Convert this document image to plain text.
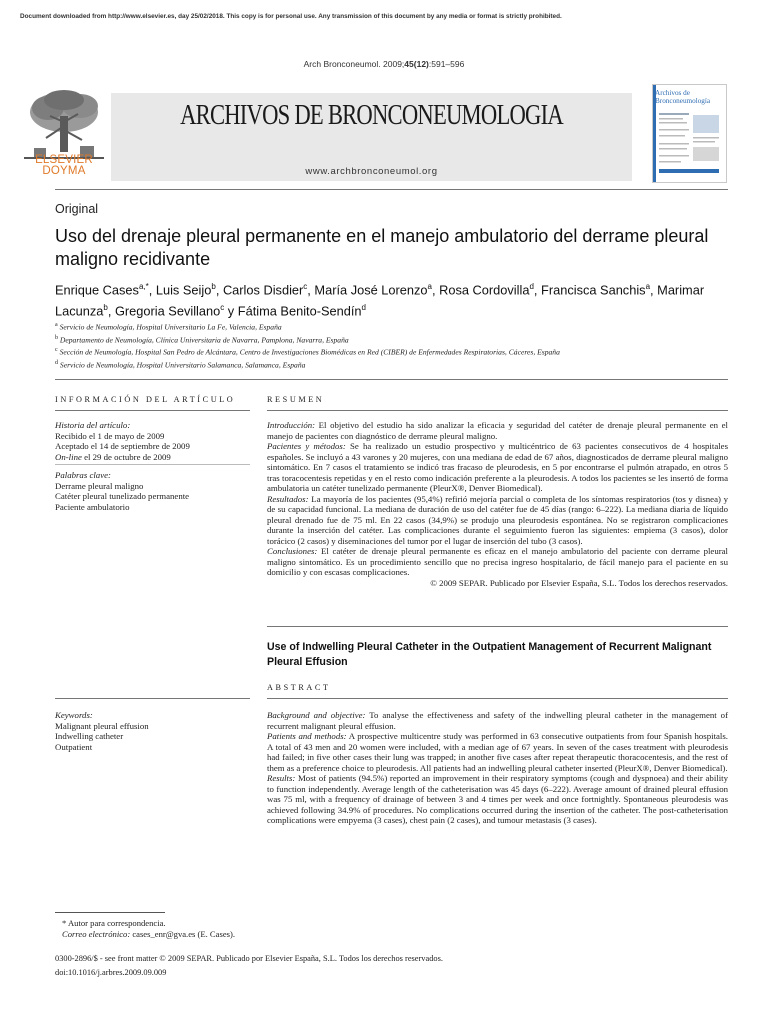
Document downloaded from http://www.elsevier.es, day 25/02/2018. This copy is for personal use. Any transmission of this document by any media or format is strictly prohibited.
Arch Bronconeumol. 2009;45(12):591–596
ELSEVIER
DOYMA
ARCHIVOS DE BRONCONEUMOLOGIA
www.archbronconeumol.org
Archivos de
Bronconeumología
Original
Uso del drenaje pleural permanente en el manejo ambulatorio del derrame pleural maligno recidivante
Enrique Cases$^{a,*}$, Luis Seijo$^b$, Carlos Disdier$^c$, María José Lorenzo$^a$, Rosa Cordovilla$^d$, Francisca Sanchis$^a$, Marimar Lacunza$^b$, Gregoria Sevillano$^c$ y Fátima Benito-Sendín$^d$
$^a$ Servicio de Neumología, Hospital Universitario La Fe, Valencia, España
$^b$ Departamento de Neumología, Clínica Universitaria de Navarra, Pamplona, Navarra, España
$^c$ Sección de Neumología, Hospital San Pedro de Alcántara, Centro de Investigaciones Biomédicas en Red (CIBER) de Enfermedades Respiratorias, Cáceres, España
$^d$ Servicio de Neumología, Hospital Universitario Salamanca, Salamanca, España
INFORMACIÓN DEL ARTÍCULO
Historia del artículo:
Recibido el 1 de mayo de 2009
Aceptado el 14 de septiembre de 2009
On-line el 29 de octubre de 2009
Palabras clave:
Derrame pleural maligno
Catéter pleural tunelizado permanente
Paciente ambulatorio
RESUMEN

Introducción: El objetivo del estudio ha sido analizar la eficacia y seguridad del catéter de drenaje pleural permanente en el manejo de pacientes con diagnóstico de derrame pleural maligno.

Pacientes y métodos: Se ha realizado un estudio prospectivo y multicéntrico de 63 pacientes consecutivos de 4 hospitales españoles. Se incluyó a 43 varones y 20 mujeres, con una mediana de edad de 67 años, diagnosticados de derrame pleural maligno sintomático. En 7 casos el tratamiento se indicó tras fracaso de pleurodesis, en 5 por encontrarse el pulmón atrapado, en otros 5 tras toracocentesis repetidas y en el resto como indicación preferente a la pleurodesis. A todos los pacientes se les insertó de forma ambulatoria un catéter tunelizado permanente (PleurX®, Denver Biomedical).

Resultados: La mayoría de los pacientes (95,4%) refirió mejoría parcial o completa de los síntomas respiratorios (tos y disnea) y de su capacidad funcional. La mediana de duración de uso del catéter fue de 45 días (rango: 6–222). La mediana diaria de líquido pleural drenado fue de 75 ml. En 22 casos (34,9%) se produjo una pleurodesis espontánea. No se registraron complicaciones durante la inserción del catéter. Las complicaciones durante el seguimiento fueron las siguientes: empiema (3 casos), dolor torácico (2 casos) y diseminaciones del tumor por el lugar de inserción del tubo (3 casos).

Conclusiones: El catéter de drenaje pleural permanente es eficaz en el manejo ambulatorio del paciente con derrame pleural maligno sintomático. Es un procedimiento sencillo que no precisa ingreso hospitalario, de fácil manejo para el paciente en su domicilio y con escasas complicaciones.

© 2009 SEPAR. Publicado por Elsevier España, S.L. Todos los derechos reservados.

Use of Indwelling Pleural Catheter in the Outpatient Management of Recurrent Malignant Pleural Effusion
ABSTRACT
Keywords:
Malignant pleural effusion
Indwelling catheter
Outpatient

Background and objective: To analyse the effectiveness and safety of the indwelling pleural catheter in the management of recurrent malignant pleural effusion.

Patients and methods: A prospective multicentre study was performed in 63 consecutive outpatients from four Spanish hospitals. A total of 43 men and 20 women were included, with a median age of 67 years. In seven of the cases treatment with pleurodesis had failed; in five other cases their lung was trapped; in another five cases after repeat therapeutic thoracocentesis, and the rest of them as a preference choice to pleurodesis. All patients had an indwelling pleural catheter inserted (PleurX®, Denver Biomedical).

Results: Most of patients (94.5%) reported an improvement in their respiratory symptoms (cough and dyspnoea) and their ability to function independently. Average length of the catheterisation was 45 days (6–222). Average amount of drained pleural effusion was 75 ml, with a frequency of drainage of between 3 and 4 times per week and once fortnightly. Spontaneous pleurodesis was achieved following 34.9% of procedures. No complications occurred during the insertion of the catheter. The post-catheterisation complications were empyema (3 cases), chest pain (2 cases), and tumour metastasis (3 cases).

* Autor para correspondencia.
Correo electrónico: cases_enr@gva.es (E. Cases).
0300-2896/$ - see front matter © 2009 SEPAR. Publicado por Elsevier España, S.L. Todos los derechos reservados.
doi:10.1016/j.arbres.2009.09.009
